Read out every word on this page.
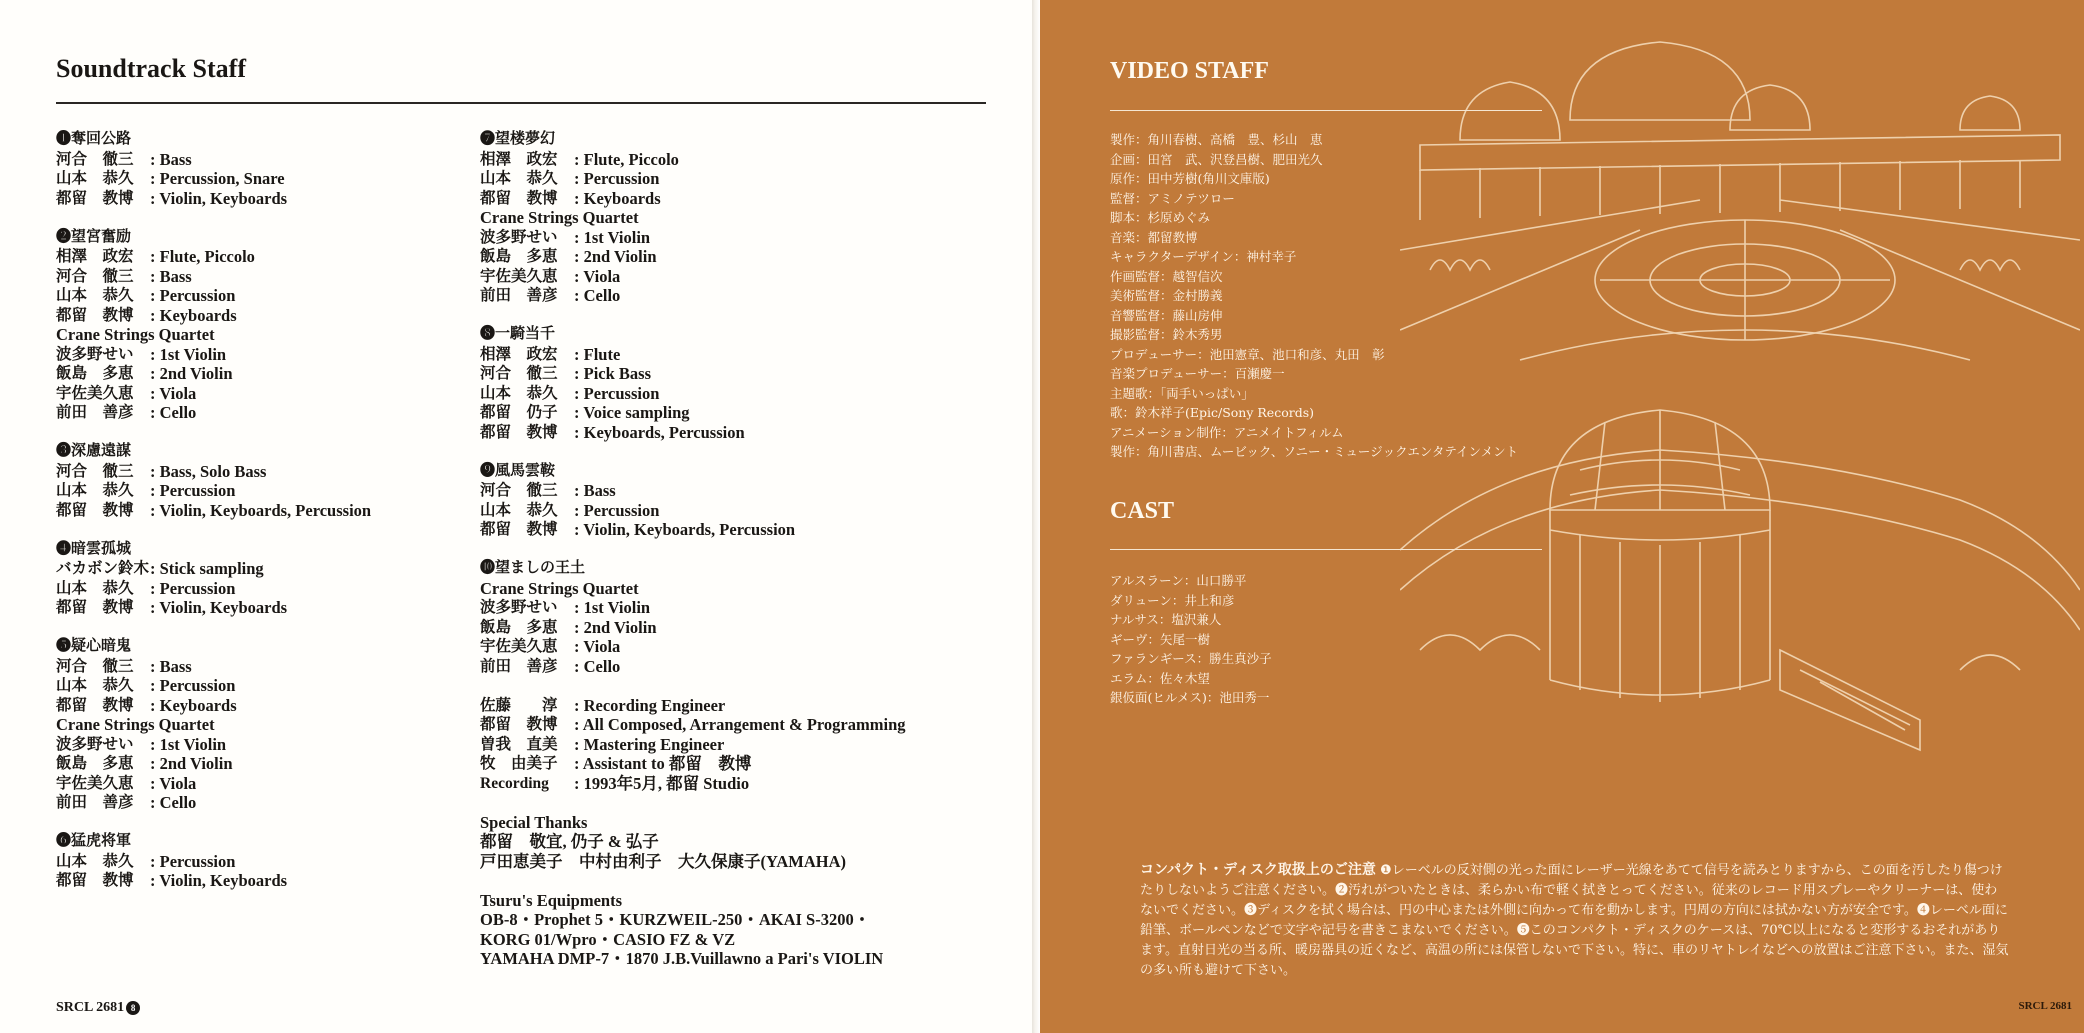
Soundtrack Staff
❶奪回公路
河合　徹三 : Bass
山本　恭久 : Percussion, Snare
都留　教博 : Violin, Keyboards
❷望宮奮励
相澤　政宏 : Flute, Piccolo
河合　徹三 : Bass
山本　恭久 : Percussion
都留　教博 : Keyboards
Crane Strings Quartet
波多野せい : 1st Violin
飯島　多恵 : 2nd Violin
宇佐美久恵 : Viola
前田　善彦 : Cello
❸深慮遠謀
河合　徹三 : Bass, Solo Bass
山本　恭久 : Percussion
都留　教博 : Violin, Keyboards, Percussion
❹暗雲孤城
バカボン鈴木 : Stick sampling
山本　恭久 : Percussion
都留　教博 : Violin, Keyboards
❺疑心暗鬼
河合　徹三 : Bass
山本　恭久 : Percussion
都留　教博 : Keyboards
Crane Strings Quartet
波多野せい : 1st Violin
飯島　多恵 : 2nd Violin
宇佐美久恵 : Viola
前田　善彦 : Cello
❻猛虎将軍
山本　恭久 : Percussion
都留　教博 : Violin, Keyboards
❼望楼夢幻
相澤　政宏 : Flute, Piccolo
山本　恭久 : Percussion
都留　教博 : Keyboards
Crane Strings Quartet
波多野せい : 1st Violin
飯島　多恵 : 2nd Violin
宇佐美久恵 : Viola
前田　善彦 : Cello
❽一騎当千
相澤　政宏 : Flute
河合　徹三 : Pick Bass
山本　恭久 : Percussion
都留　仍子 : Voice sampling
都留　教博 : Keyboards, Percussion
❾風馬雲鞍
河合　徹三 : Bass
山本　恭久 : Percussion
都留　教博 : Violin, Keyboards, Percussion
❿望ましの王土
Crane Strings Quartet
波多野せい : 1st Violin
飯島　多恵 : 2nd Violin
宇佐美久恵 : Viola
前田　善彦 : Cello
佐藤　　淳 : Recording Engineer
都留　教博 : All Composed, Arrangement & Programming
曽我　直美 : Mastering Engineer
牧　由美子 : Assistant to 都留　教博
Recording	: 1993年5月, 都留 Studio
Special Thanks
都留　敬宜, 仍子 & 弘子
戸田恵美子　中村由利子　大久保康子(YAMAHA)
Tsuru's Equipments
OB-8・Prophet 5・KURZWEIL-250・AKAI S-3200・
KORG 01/Wpro・CASIO FZ & VZ
YAMAHA DMP-7・1870 J.B.Vuillawno a Pari's VIOLIN
SRCL 2681 8
VIDEO STAFF
製作：角川春樹、高橋　豊、杉山　恵
企画：田宮　武、沢登昌樹、肥田光久
原作：田中芳樹(角川文庫版)
監督：アミノテツロー
脚本：杉原めぐみ
音楽：都留教博
キャラクターデザイン：神村幸子
作画監督：越智信次
美術監督：金村勝義
音響監督：藤山房伸
撮影監督：鈴木秀男
プロデューサー：池田憲章、池口和彦、丸田　彰
音楽プロデューサー：百瀬慶一
主題歌：「両手いっぱい」
歌：鈴木祥子(Epic/Sony Records)
アニメーション制作：アニメイトフィルム
製作：角川書店、ムービック、ソニー・ミュージックエンタテインメント
CAST
アルスラーン：山口勝平
ダリューン：井上和彦
ナルサス：塩沢兼人
ギーヴ：矢尾一樹
ファランギース：勝生真沙子
エラム：佐々木望
銀仮面(ヒルメス)：池田秀一
コンパクト・ディスク取扱上のご注意 ❶レーベルの反対側の光った面にレーザー光線をあてて信号を読みとりますから、この面を汚したり傷つけたりしないようご注意ください。❷汚れがついたときは、柔らかい布で軽く拭きとってください。従来のレコード用スプレーやクリーナーは、使わないでください。❸ディスクを拭く場合は、円の中心または外側に向かって布を動かします。円周の方向には拭かない方が安全です。❹レーベル面に鉛筆、ボールペンなどで文字や記号を書きこまないでください。❺このコンパクト・ディスクのケースは、70℃以上になると変形するおそれがあります。直射日光の当る所、暖房器具の近くなど、高温の所には保管しないで下さい。特に、車のリヤトレイなどへの放置はご注意下さい。また、湿気の多い所も避けて下さい。
SRCL 2681
